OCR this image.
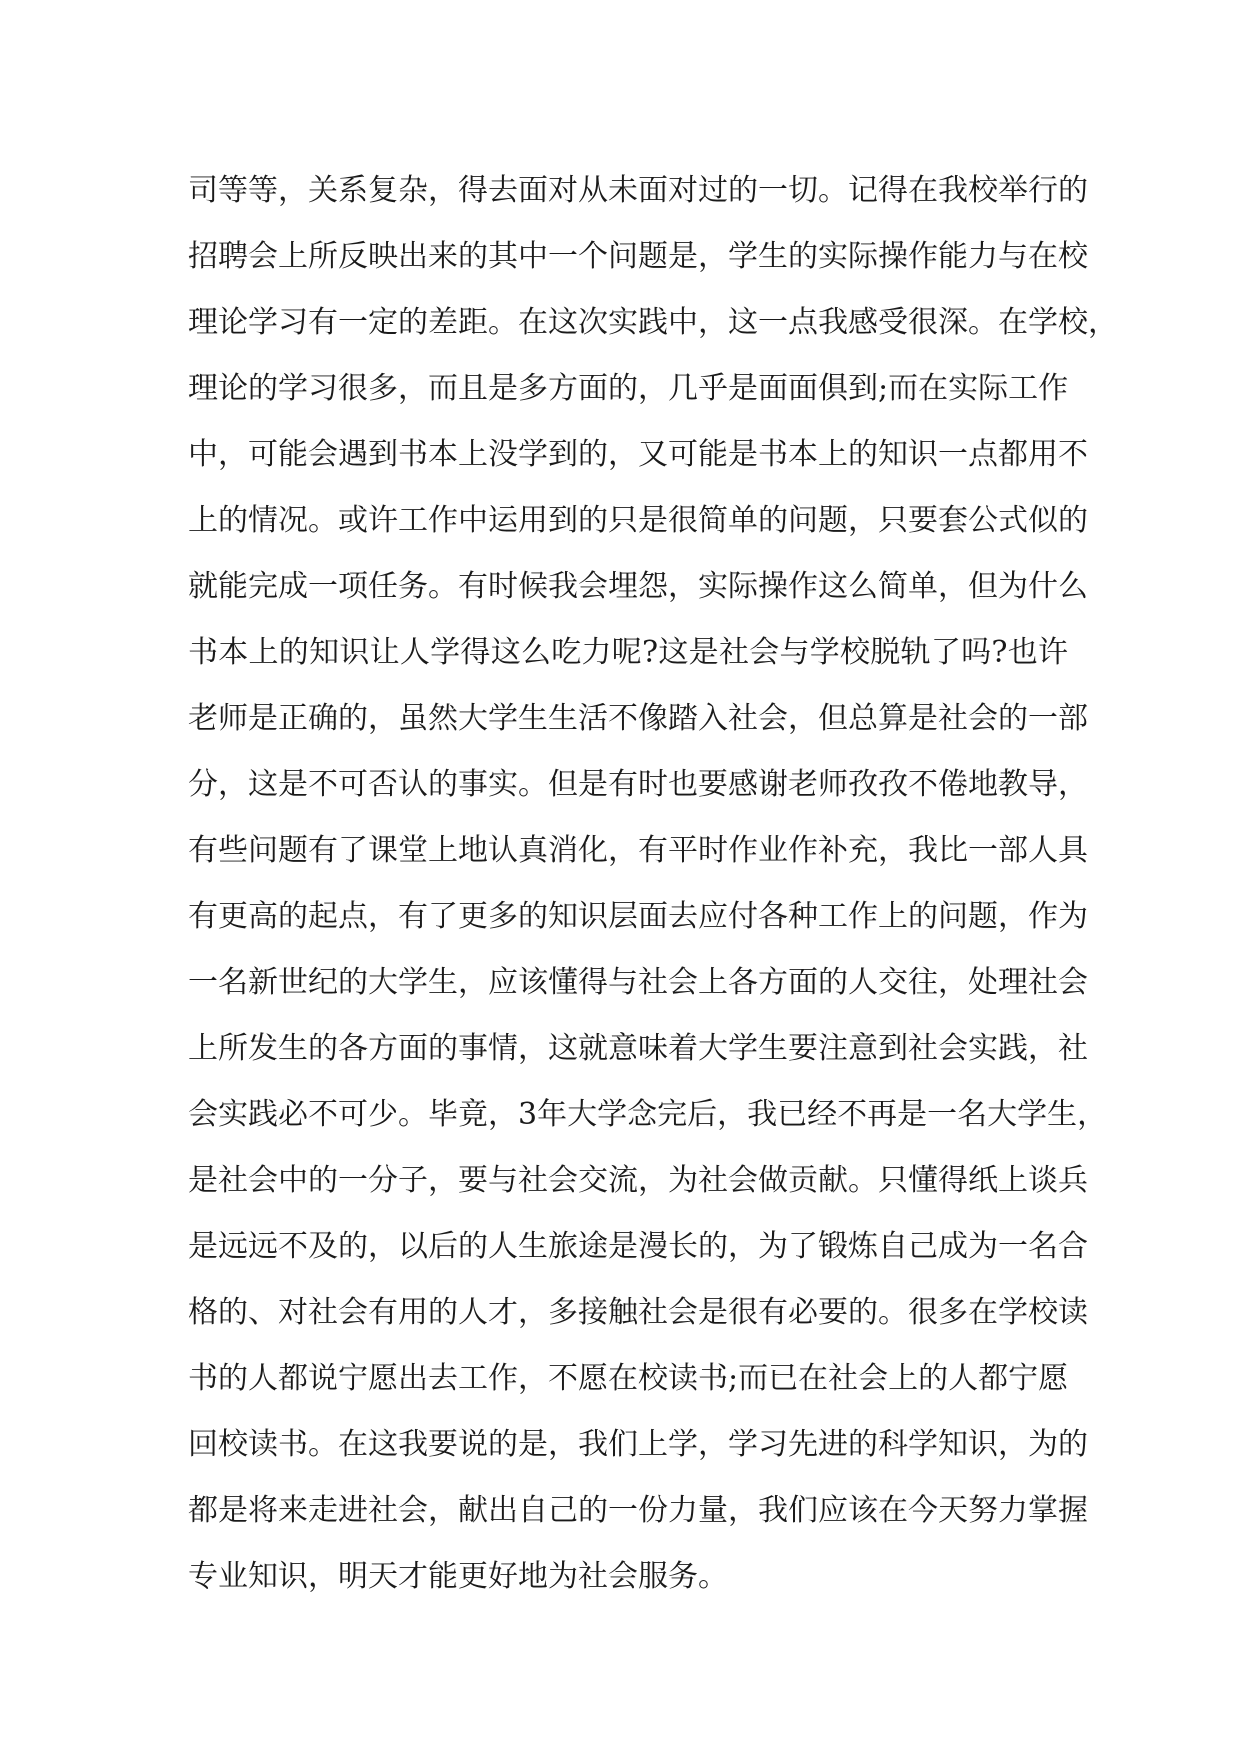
司等等，关系复杂，得去面对从未面对过的一切。记得在我校举行的
招聘会上所反映出来的其中一个问题是，学生的实际操作能力与在校
理论学习有一定的差距。在这次实践中，这一点我感受很深。在学校，
理论的学习很多，而且是多方面的，几乎是面面俱到;而在实际工作
中，可能会遇到书本上没学到的，又可能是书本上的知识一点都用不
上的情况。或许工作中运用到的只是很简单的问题，只要套公式似的
就能完成一项任务。有时候我会埋怨，实际操作这么简单，但为什么
书本上的知识让人学得这么吃力呢?这是社会与学校脱轨了吗?也许
老师是正确的，虽然大学生生活不像踏入社会，但总算是社会的一部
分，这是不可否认的事实。但是有时也要感谢老师孜孜不倦地教导，
有些问题有了课堂上地认真消化，有平时作业作补充，我比一部人具
有更高的起点，有了更多的知识层面去应付各种工作上的问题，作为
一名新世纪的大学生，应该懂得与社会上各方面的人交往，处理社会
上所发生的各方面的事情，这就意味着大学生要注意到社会实践，社
会实践必不可少。毕竟，3年大学念完后，我已经不再是一名大学生，
是社会中的一分子，要与社会交流，为社会做贡献。只懂得纸上谈兵
是远远不及的，以后的人生旅途是漫长的，为了锻炼自己成为一名合
格的、对社会有用的人才，多接触社会是很有必要的。很多在学校读
书的人都说宁愿出去工作，不愿在校读书;而已在社会上的人都宁愿
回校读书。在这我要说的是，我们上学，学习先进的科学知识，为的
都是将来走进社会，献出自己的一份力量，我们应该在今天努力掌握
专业知识，明天才能更好地为社会服务。
